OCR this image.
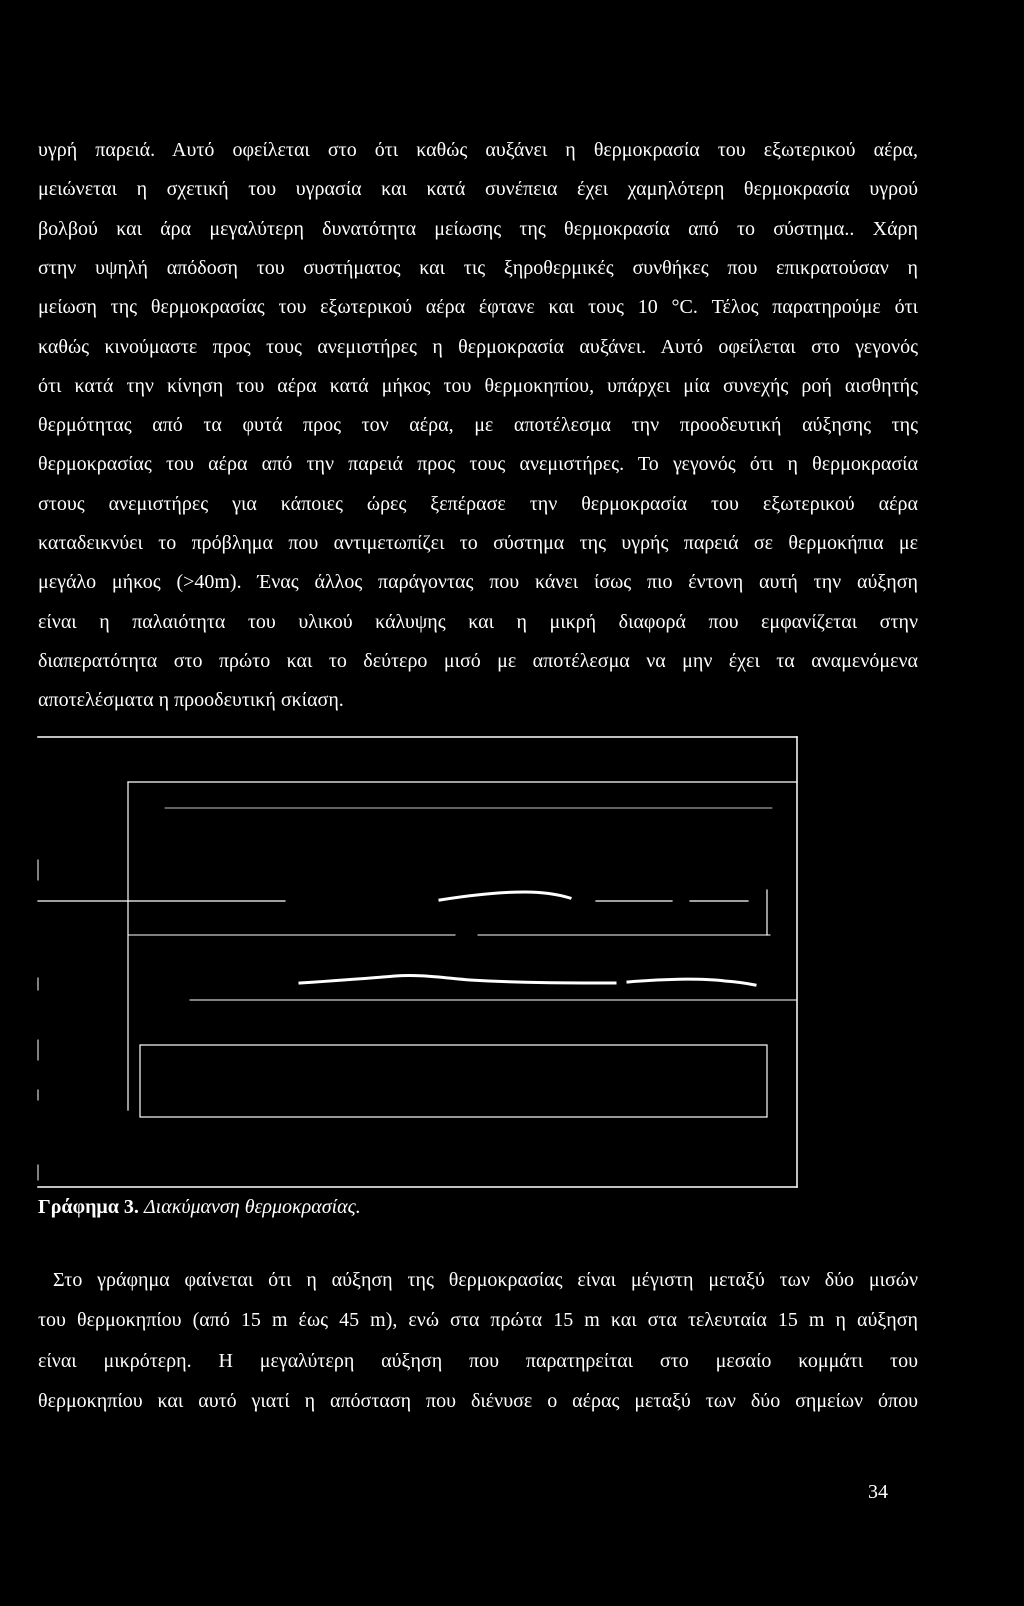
υγρή παρειά. Αυτό οφείλεται στο ότι καθώς αυξάνει η θερμοκρασία του εξωτερικού αέρα,
μειώνεται η σχετική του υγρασία και κατά συνέπεια έχει χαμηλότερη θερμοκρασία υγρού
βολβού και άρα μεγαλύτερη δυνατότητα μείωσης της θερμοκρασία από το σύστημα.. Χάρη
στην υψηλή απόδοση του συστήματος και τις ξηροθερμικές συνθήκες που επικρατούσαν η
μείωση της θερμοκρασίας του εξωτερικού αέρα έφτανε και τους 10 °C. Τέλος παρατηρούμε ότι
καθώς κινούμαστε προς τους ανεμιστήρες η θερμοκρασία αυξάνει. Αυτό οφείλεται στο γεγονός
ότι κατά την κίνηση του αέρα κατά μήκος του θερμοκηπίου, υπάρχει μία συνεχής ροή αισθητής
θερμότητας από τα φυτά προς τον αέρα, με αποτέλεσμα την προοδευτική αύξησης της
θερμοκρασίας του αέρα από την παρειά προς τους ανεμιστήρες. Το γεγονός ότι η θερμοκρασία
στους ανεμιστήρες για κάποιες ώρες ξεπέρασε την θερμοκρασία του εξωτερικού αέρα
καταδεικνύει το πρόβλημα που αντιμετωπίζει το σύστημα της υγρής παρειά σε θερμοκήπια με
μεγάλο μήκος (>40m). Ένας άλλος παράγοντας που κάνει ίσως πιο έντονη αυτή την αύξηση
είναι η παλαιότητα του υλικού κάλυψης και η μικρή διαφορά που εμφανίζεται στην
διαπερατότητα στο πρώτο και το δεύτερο μισό με αποτέλεσμα να μην έχει τα αναμενόμενα
αποτελέσματα η προοδευτική σκίαση.
Γράφημα 3. Διακύμανση θερμοκρασίας.
Στο γράφημα φαίνεται ότι η αύξηση της θερμοκρασίας είναι μέγιστη μεταξύ των δύο μισών
του θερμοκηπίου (από 15 m έως 45 m), ενώ στα πρώτα 15 m και στα τελευταία 15 m η αύξηση
είναι μικρότερη. Η μεγαλύτερη αύξηση που παρατηρείται στο μεσαίο κομμάτι του
θερμοκηπίου και αυτό γιατί η απόσταση που διένυσε ο αέρας μεταξύ των δύο σημείων όπου
34
